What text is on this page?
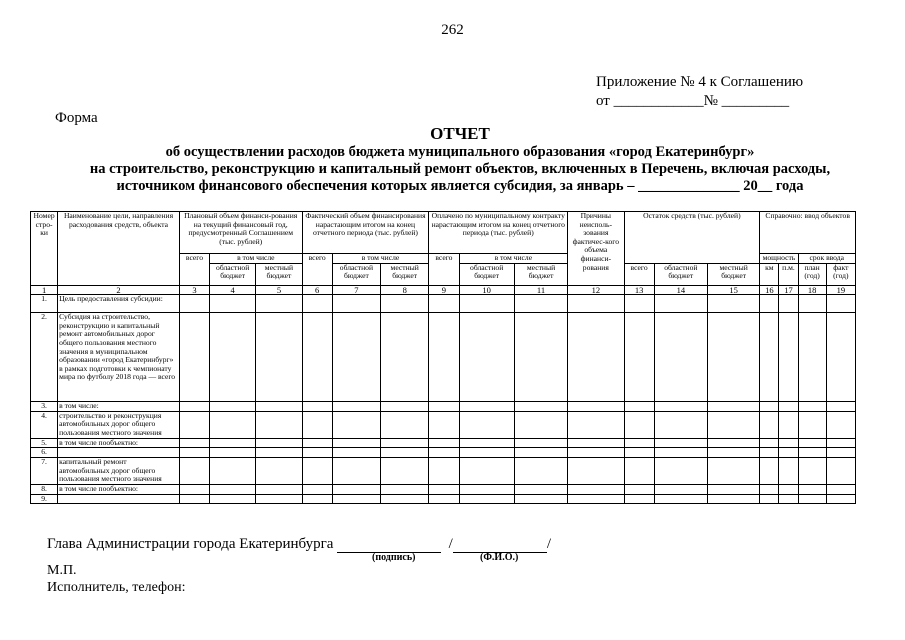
262
Приложение № 4 к Соглашению
от ____________№ _________
Форма
ОТЧЕТ
об осуществлении расходов бюджета муниципального образования «город Екатеринбург»
на строительство, реконструкцию и капитальный ремонт объектов, включенных в Перечень, включая расходы,
источником финансового обеспечения которых является субсидия, за январь – ______________ 20__ года
Номер стро-ки	Наименование цели, направления расходования средств, объекта	Плановый объем финанси-рования на текущий финансовый год, предусмотренный Соглашением (тыс. рублей)			Фактический объем финансирования нарастающим итогом на конец отчетного периода (тыс. рублей)			Оплачено по муниципальному контракту нарастающим итогом на конец отчетного периода (тыс. рублей)			Причины неисполь-зования фактичес-кого объема финанси-рования	Остаток средств (тыс. рублей)			Справочно: ввод объектов			
		всего	в том числе		всего	в том числе		всего	в том числе						мощность		срок ввода	
			областной бюджет	местный бюджет		областной бюджет	местный бюджет		областной бюджет	местный бюджет		всего	областной бюджет	местный бюджет	км	п.м.	план (год)	факт (год)
1	2	3	4	5	6	7	8	9	10	11	12	13	14	15	16	17	18	19
1.	Цель предоставления субсидии:																	
2.	Субсидия на строительство, реконструкцию и капитальный ремонт автомобильных дорог общего пользования местного значения в муниципальном образовании «город Екатеринбург» в рамках подготовки к чемпионату мира по футболу 2018 года — всего																	
3.	в том числе:																	
4.	строительство и реконструкция автомобильных дорог общего пользования местного значения																	
5.	в том числе пообъектно:																	
6.																		
7.	капитальный ремонт автомобильных дорог общего пользования местного значения																	
8.	в том числе пообъектно:																	
9.																		
Глава Администрации города Екатеринбурга	/	/
(подпись)	(Ф.И.О.)
М.П.
Исполнитель, телефон:
